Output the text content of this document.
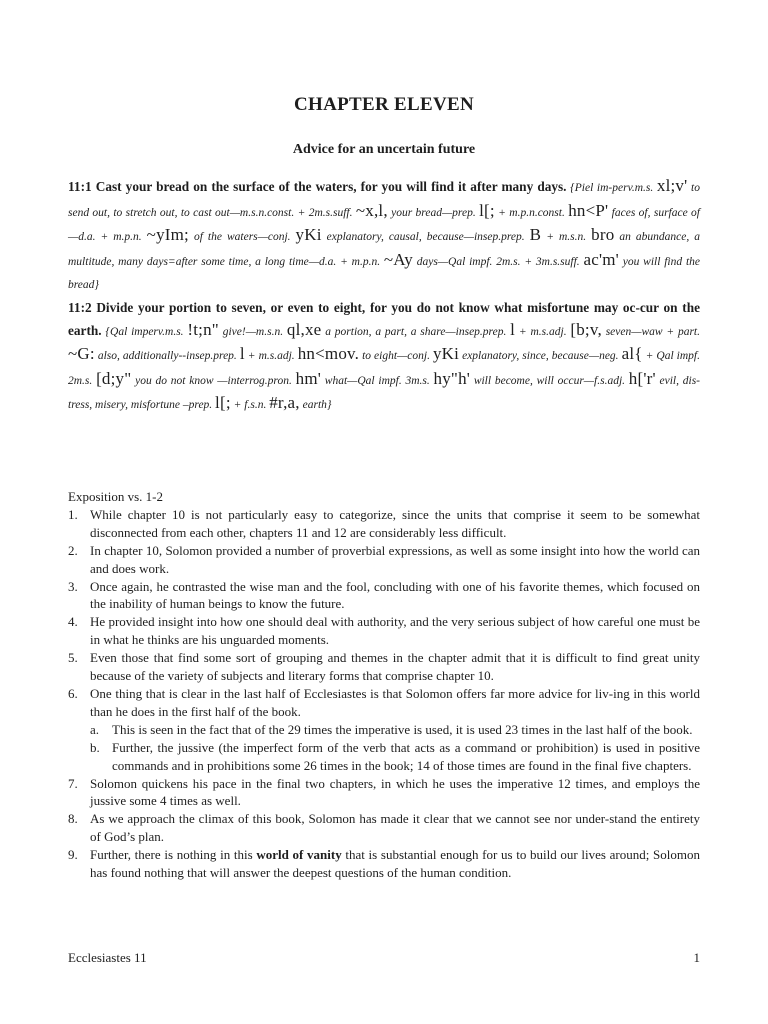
CHAPTER ELEVEN
Advice for an uncertain future

11:1 Cast your bread on the surface of the waters, for you will find it after many days. {Piel im-perv.m.s. xl;v' to send out, to stretch out, to cast out—m.s.n.const. + 2m.s.suff. ~x,l, your bread—prep. l[; + m.p.n.const. hn<P' faces of, surface of—d.a. + m.p.n. ~yIm; of the waters—conj. yKi explanatory, causal, because—insep.prep. B + m.s.n. bro an abundance, a multitude, many days=after some time, a long time—d.a. + m.p.n. ~Ay days—Qal impf. 2m.s. + 3m.s.suff. ac'm' you will find the bread}

11:2 Divide your portion to seven, or even to eight, for you do not know what misfortune may oc-cur on the earth. {Qal imperv.m.s. !t;n" give!—m.s.n. ql,xe a portion, a part, a share—insep.prep. l + m.s.adj. [b;v, seven—waw + part. ~G: also, additionally--insep.prep. l + m.s.adj. hn<mov. to eight—conj. yKi explanatory, since, because—neg. al{ + Qal impf. 2m.s. [d;y" you do not know —interrog.pron. hm' what—Qal impf. 3m.s. hy"h' will become, will occur—f.s.adj. h['r' evil, dis-tress, misery, misfortune –prep. l[; + f.s.n. #r,a, earth}

Exposition vs. 1-2

1. While chapter 10 is not particularly easy to categorize, since the units that comprise it seem to be somewhat disconnected from each other, chapters 11 and 12 are considerably less difficult.
2. In chapter 10, Solomon provided a number of proverbial expressions, as well as some insight into how the world can and does work.
3. Once again, he contrasted the wise man and the fool, concluding with one of his favorite themes, which focused on the inability of human beings to know the future.
4. He provided insight into how one should deal with authority, and the very serious subject of how careful one must be in what he thinks are his unguarded moments.
5. Even those that find some sort of grouping and themes in the chapter admit that it is difficult to find great unity because of the variety of subjects and literary forms that comprise chapter 10.
6. One thing that is clear in the last half of Ecclesiastes is that Solomon offers far more advice for liv-ing in this world than he does in the first half of the book.
a. This is seen in the fact that of the 29 times the imperative is used, it is used 23 times in the last half of the book.
b. Further, the jussive (the imperfect form of the verb that acts as a command or prohibition) is used in positive commands and in prohibitions some 26 times in the book; 14 of those times are found in the final five chapters.
7. Solomon quickens his pace in the final two chapters, in which he uses the imperative 12 times, and employs the jussive some 4 times as well.
8. As we approach the climax of this book, Solomon has made it clear that we cannot see nor under-stand the entirety of God’s plan.
9. Further, there is nothing in this world of vanity that is substantial enough for us to build our lives around; Solomon has found nothing that will answer the deepest questions of the human condition.
Ecclesiastes 11	1
